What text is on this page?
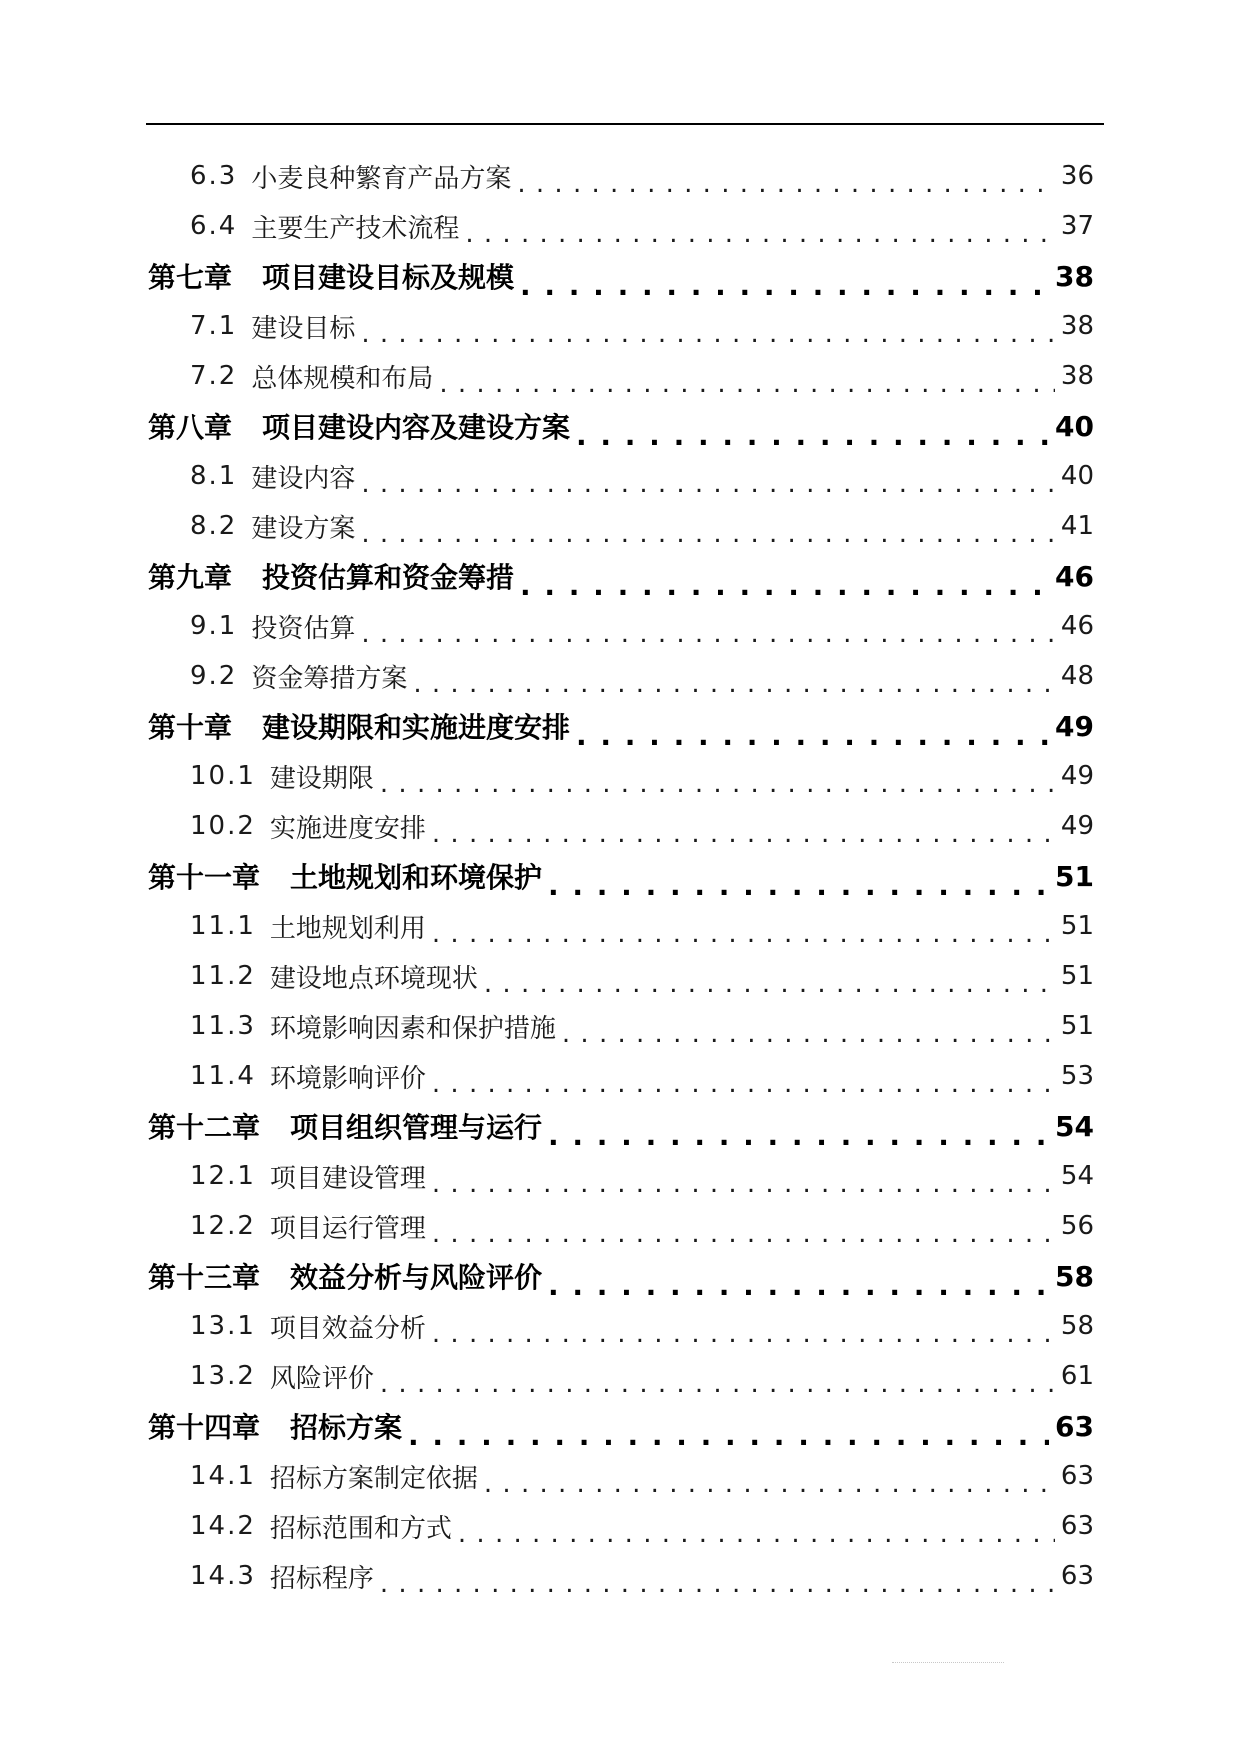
6.3 小麦良种繁育产品方案 . . .	36
6.4 主要生产技术流程 . . .	37
第七章 项目建设目标及规模 . . .	38
7.1 建设目标 . . .	38
7.2 总体规模和布局 . . .	38
第八章 项目建设内容及建设方案 . . .	40
8.1 建设内容 . . .	40
8.2 建设方案 . . .	41
第九章 投资估算和资金筹措 . . .	46
9.1 投资估算 . . .	46
9.2 资金筹措方案 . . .	48
第十章 建设期限和实施进度安排 . . .	49
10.1 建设期限 . . .	49
10.2 实施进度安排 . . .	49
第十一章 土地规划和环境保护 . . .	51
11.1 土地规划利用 . . .	51
11.2 建设地点环境现状 . . .	51
11.3 环境影响因素和保护措施 . . .	51
11.4 环境影响评价 . . .	53
第十二章 项目组织管理与运行 . . .	54
12.1 项目建设管理 . . .	54
12.2 项目运行管理 . . .	56
第十三章 效益分析与风险评价 . . .	58
13.1 项目效益分析 . . .	58
13.2 风险评价 . . .	61
第十四章 招标方案 . . .	63
14.1 招标方案制定依据 . . .	63
14.2 招标范围和方式 . . .	63
14.3 招标程序 . . .	63
